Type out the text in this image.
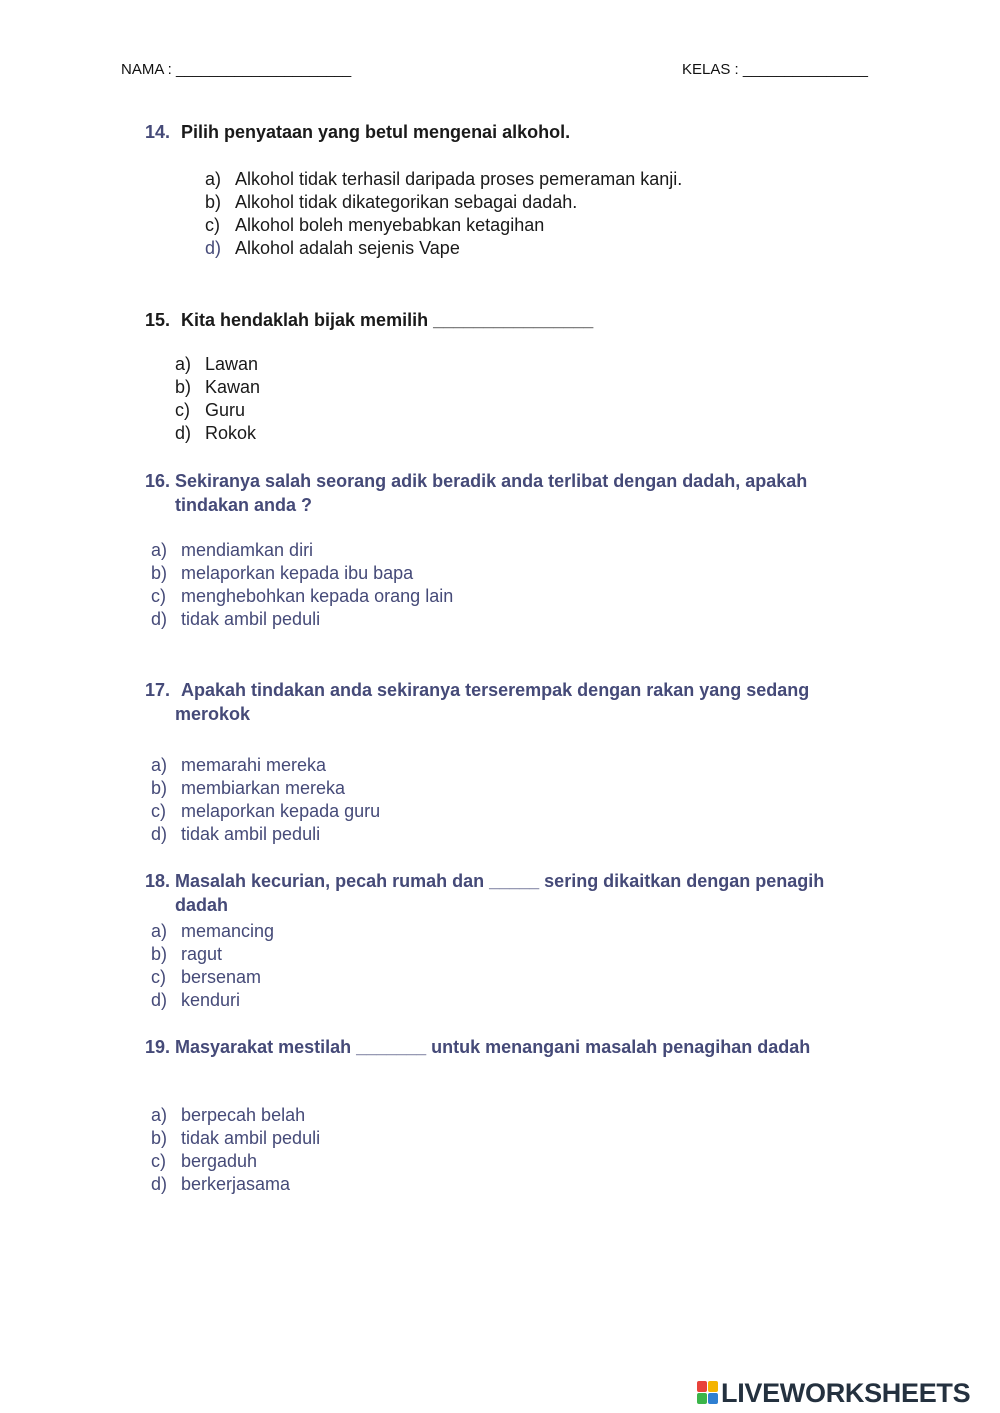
NAMA : _____________________	KELAS : _______________
14. Pilih penyataan yang betul mengenai alkohol.
a) Alkohol tidak terhasil daripada proses pemeraman kanji.
b) Alkohol tidak dikategorikan sebagai dadah.
c) Alkohol boleh menyebabkan ketagihan
d) Alkohol adalah sejenis Vape
15. Kita hendaklah bijak memilih ________________
a) Lawan
b) Kawan
c) Guru
d) Rokok
16. Sekiranya salah seorang adik beradik anda terlibat dengan dadah, apakah tindakan anda ?
a) mendiamkan diri
b) melaporkan kepada ibu bapa
c) menghebohkan kepada orang lain
d) tidak ambil peduli
17. Apakah tindakan anda sekiranya terserempak dengan rakan yang sedang merokok
a) memarahi mereka
b) membiarkan mereka
c) melaporkan kepada guru
d) tidak ambil peduli
18. Masalah kecurian, pecah rumah dan _____ sering dikaitkan dengan penagih dadah
a) memancing
b) ragut
c) bersenam
d) kenduri
19. Masyarakat mestilah _______ untuk menangani masalah penagihan dadah
a) berpecah belah
b) tidak ambil peduli
c) bergaduh
d) berkerjasama
LIVEWORKSHEETS
